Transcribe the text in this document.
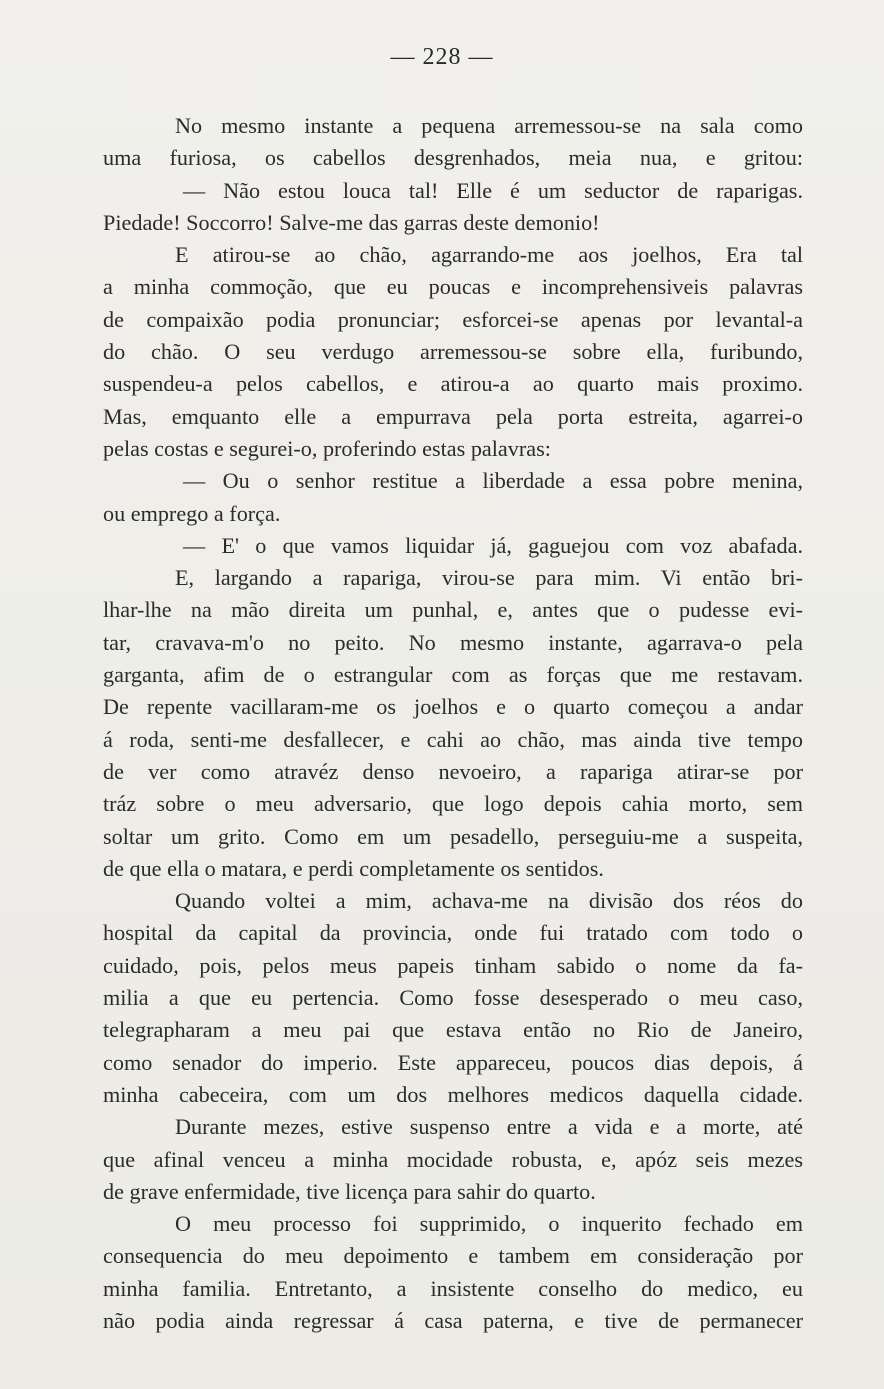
— 228 —
No mesmo instante a pequena arremessou-se na sala como
uma furiosa, os cabellos desgrenhados, meia nua, e gritou:
— Não estou louca tal! Elle é um seductor de raparigas.
Piedade! Soccorro! Salve-me das garras deste demonio!
E atirou-se ao chão, agarrando-me aos joelhos, Era tal
a minha commoção, que eu poucas e incomprehensiveis palavras
de compaixão podia pronunciar; esforcei-se apenas por levantal-a
do chão. O seu verdugo arremessou-se sobre ella, furibundo,
suspendeu-a pelos cabellos, e atirou-a ao quarto mais proximo.
Mas, emquanto elle a empurrava pela porta estreita, agarrei-o
pelas costas e segurei-o, proferindo estas palavras:
— Ou o senhor restitue a liberdade a essa pobre menina,
ou emprego a força.
— E' o que vamos liquidar já, gaguejou com voz abafada.
E, largando a rapariga, virou-se para mim. Vi então bri-
lhar-lhe na mão direita um punhal, e, antes que o pudesse evi-
tar, cravava-m'o no peito. No mesmo instante, agarrava-o pela
garganta, afim de o estrangular com as forças que me restavam.
De repente vacillaram-me os joelhos e o quarto começou a andar
á roda, senti-me desfallecer, e cahi ao chão, mas ainda tive tempo
de ver como atravéz denso nevoeiro, a rapariga atirar-se por
tráz sobre o meu adversario, que logo depois cahia morto, sem
soltar um grito. Como em um pesadello, perseguiu-me a suspeita,
de que ella o matara, e perdi completamente os sentidos.
Quando voltei a mim, achava-me na divisão dos réos do
hospital da capital da provincia, onde fui tratado com todo o
cuidado, pois, pelos meus papeis tinham sabido o nome da fa-
milia a que eu pertencia. Como fosse desesperado o meu caso,
telegrapharam a meu pai que estava então no Rio de Janeiro,
como senador do imperio. Este appareceu, poucos dias depois, á
minha cabeceira, com um dos melhores medicos daquella cidade.
Durante mezes, estive suspenso entre a vida e a morte, até
que afinal venceu a minha mocidade robusta, e, apóz seis mezes
de grave enfermidade, tive licença para sahir do quarto.
O meu processo foi supprimido, o inquerito fechado em
consequencia do meu depoimento e tambem em consideração por
minha familia. Entretanto, a insistente conselho do medico, eu
não podia ainda regressar á casa paterna, e tive de permanecer
